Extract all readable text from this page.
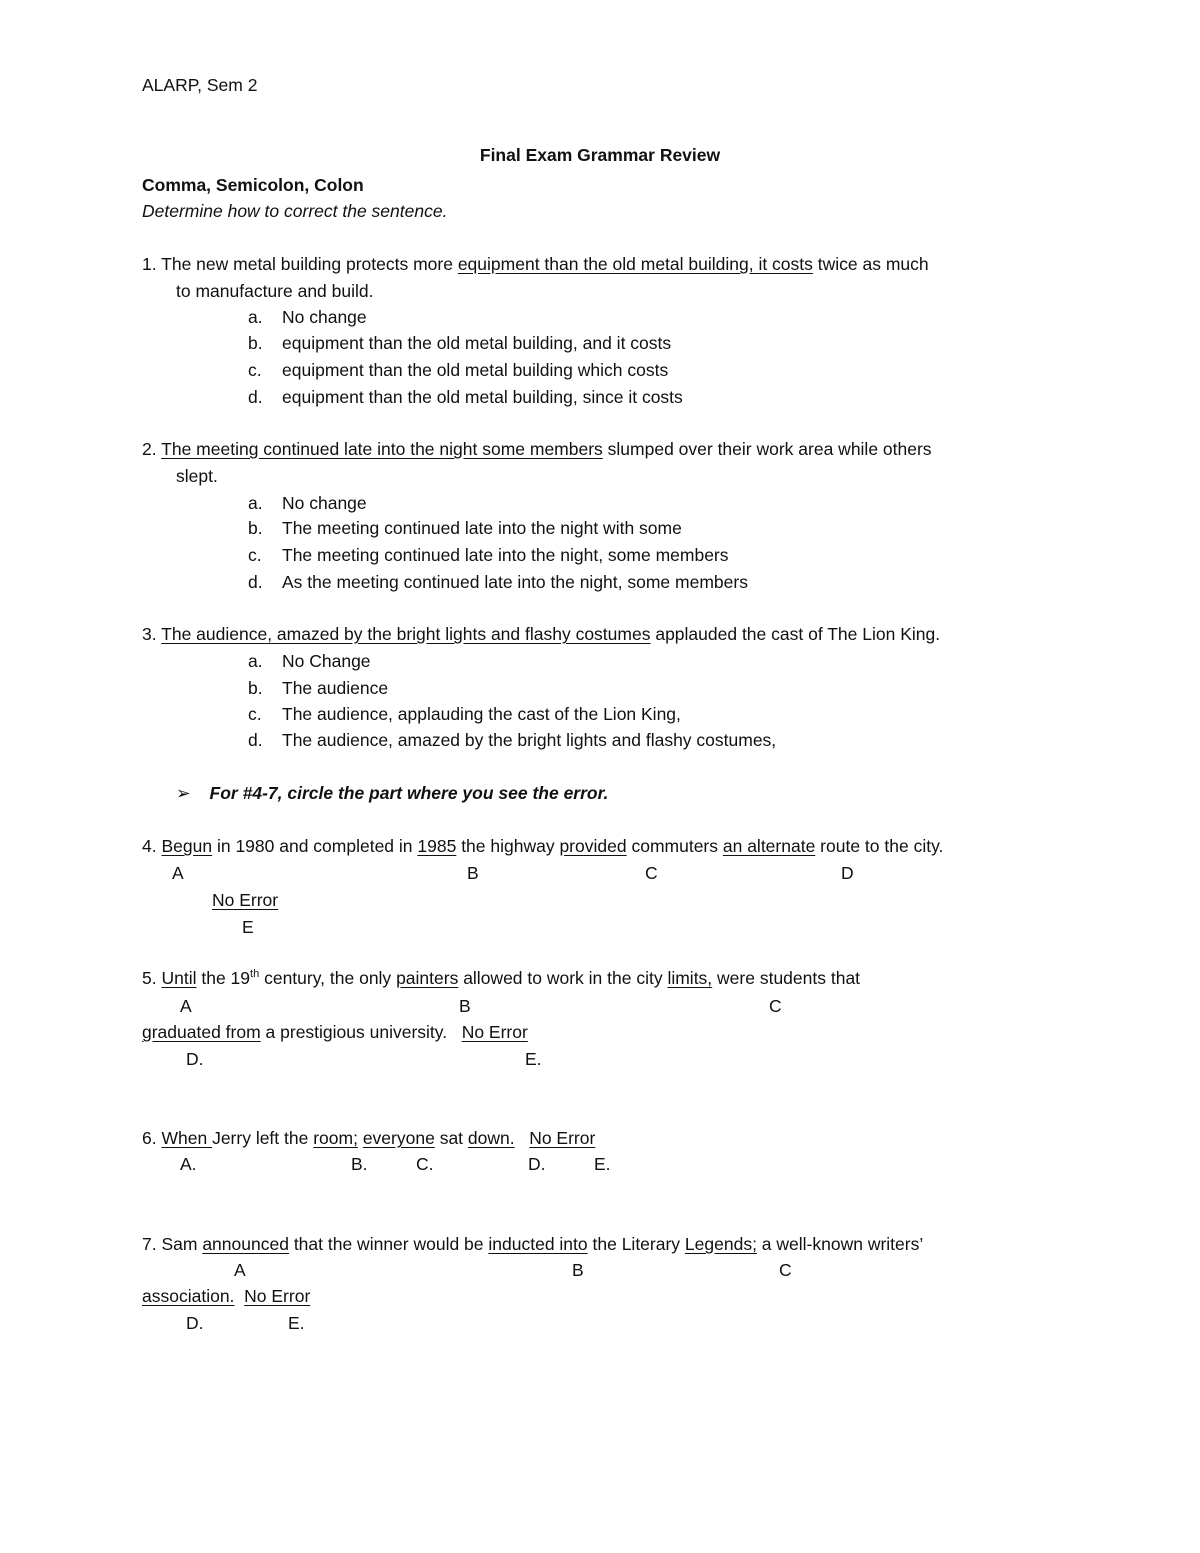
ALARP, Sem 2
Final Exam Grammar Review
Comma, Semicolon, Colon
Determine how to correct the sentence.
1. The new metal building protects more equipment than the old metal building, it costs twice as much
to manufacture and build.
a. No change
b. equipment than the old metal building, and it costs
c. equipment than the old metal building which costs
d. equipment than the old metal building, since it costs
2. The meeting continued late into the night some members slumped over their work area while others
slept.
a. No change
b. The meeting continued late into the night with some
c. The meeting continued late into the night, some members
d. As the meeting continued late into the night, some members
3. The audience, amazed by the bright lights and flashy costumes applauded the cast of The Lion King.
a. No Change
b. The audience
c. The audience, applauding the cast of the Lion King,
d. The audience, amazed by the bright lights and flashy costumes,
➢ For #4-7, circle the part where you see the error.
4. Begun in 1980 and completed in 1985 the highway provided commuters an alternate route to the city.
A	B	C	D
No Error
E
5. Until the 19th century, the only painters allowed to work in the city limits, were students that
A	B	C
graduated from a prestigious university.   No Error
D.	E.
6. When Jerry left the room; everyone sat down. No Error
A.	B.	C.	D.	E.
7. Sam announced that the winner would be inducted into the Literary Legends; a well-known writers’
A	B	C
association. No Error
D.	E.
